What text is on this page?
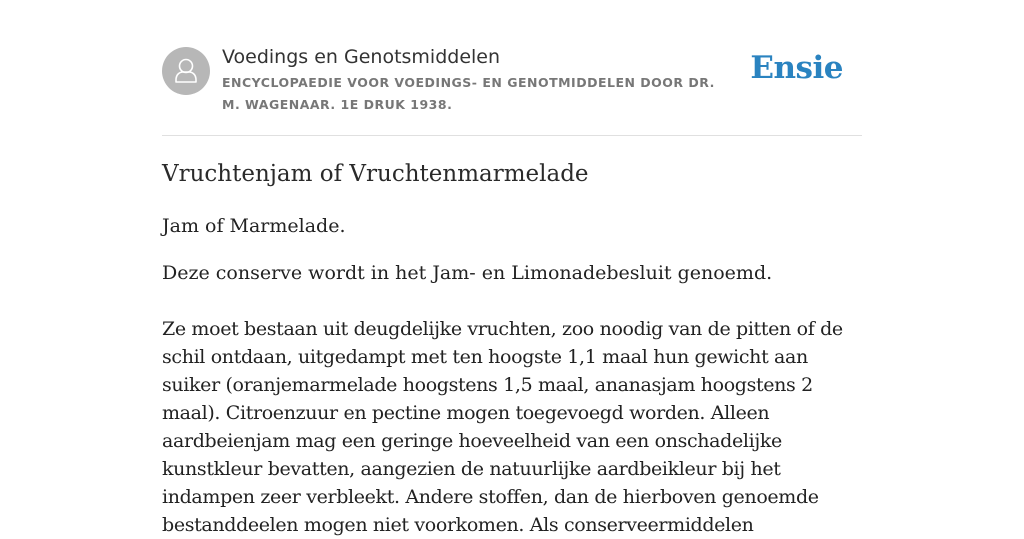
Voedings en Genotsmiddelen
ENCYCLOPAEDIE VOOR VOEDINGS- EN GENOTMIDDELEN DOOR DR. M. WAGENAAR. 1E DRUK 1938.
Ensie
Vruchtenjam of Vruchtenmarmelade

Jam of Marmelade.

Deze conserve wordt in het Jam- en Limonadebesluit genoemd.

Ze moet bestaan uit deugdelijke vruchten, zoo noodig van de pitten of de schil ontdaan, uitgedampt met ten hoogste 1,1 maal hun gewicht aan suiker (oranjemarmelade hoogstens 1,5 maal, ananasjam hoogstens 2 maal). Citroenzuur en pectine mogen toegevoegd worden. Alleen aardbeienjam mag een geringe hoeveelheid van een onschadelijke kunstkleur bevatten, aangezien de natuurlijke aardbeikleur bij het indampen zeer verbleekt. Andere stoffen, dan de hierboven genoemde bestanddeelen mogen niet voorkomen. Als conserveermiddelen
